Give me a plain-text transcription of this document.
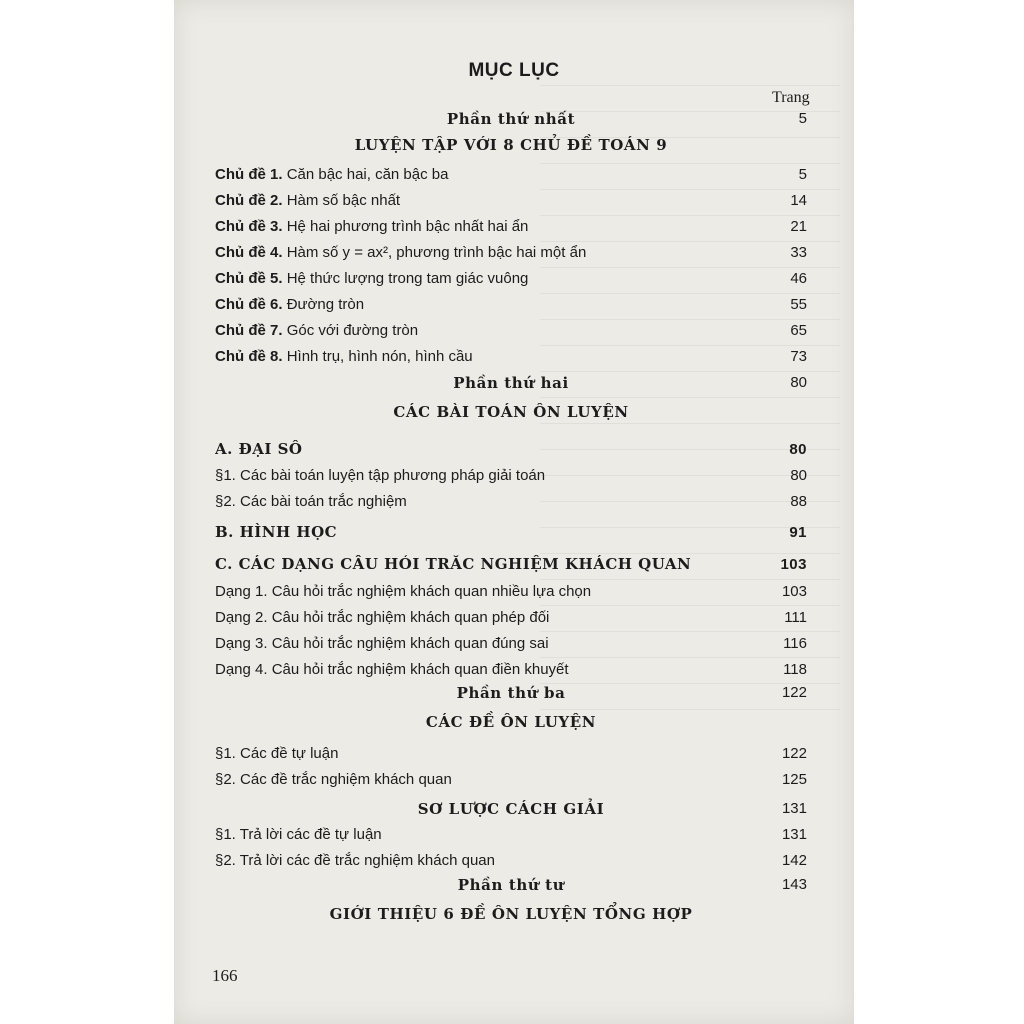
MỤC LỤC
Trang
Phần thứ nhất	5
LUYỆN TẬP VỚI 8 CHỦ ĐỀ TOÁN 9
Chủ đề 1. Căn bậc hai, căn bậc ba	5
Chủ đề 2. Hàm số bậc nhất	14
Chủ đề 3. Hệ hai phương trình bậc nhất hai ẩn	21
Chủ đề 4. Hàm số y = ax², phương trình bậc hai một ẩn	33
Chủ đề 5. Hệ thức lượng trong tam giác vuông	46
Chủ đề 6. Đường tròn	55
Chủ đề 7. Góc với đường tròn	65
Chủ đề 8. Hình trụ, hình nón, hình cầu	73
Phần thứ hai	80
CÁC BÀI TOÁN ÔN LUYỆN
A. ĐẠI SỐ	80
§1. Các bài toán luyện tập phương pháp giải toán	80
§2. Các bài toán trắc nghiệm	88
B. HÌNH HỌC	91
C. CÁC DẠNG CÂU HỎI TRẮC NGHIỆM KHÁCH QUAN	103
Dạng 1. Câu hỏi trắc nghiệm khách quan nhiều lựa chọn	103
Dạng 2. Câu hỏi trắc nghiệm khách quan phép đối	111
Dạng 3. Câu hỏi trắc nghiệm khách quan đúng sai	116
Dạng 4. Câu hỏi trắc nghiệm khách quan điền khuyết	118
Phần thứ ba	122
CÁC ĐỀ ÔN LUYỆN
§1. Các đề tự luận	122
§2. Các đề trắc nghiệm khách quan	125
SƠ LƯỢC CÁCH GIẢI	131
§1. Trả lời các đề tự luận	131
§2. Trả lời các đề trắc nghiệm khách quan	142
Phần thứ tư	143
GIỚI THIỆU 6 ĐỀ ÔN LUYỆN TỔNG HỢP
166
